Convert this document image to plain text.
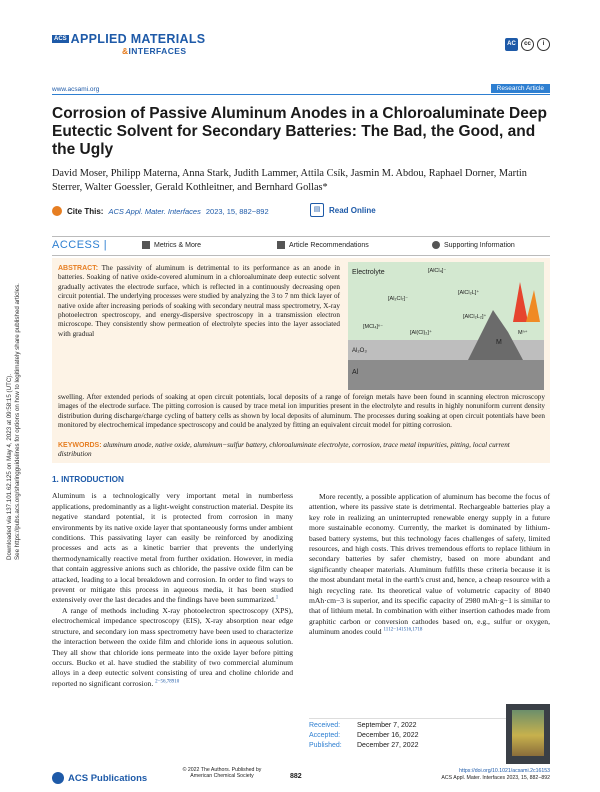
Downloaded via 137.101.62.125 on May 4, 2023 at 09:58:15 (UTC). See https://pubs.acs.org/sharingguidelines for options on how to legitimately share published articles.
ACS APPLIED MATERIALS
&INTERFACES
AC	cc	i
www.acsami.org	Research Article
Corrosion of Passive Aluminum Anodes in a Chloroaluminate Deep Eutectic Solvent for Secondary Batteries: The Bad, the Good, and the Ugly
David Moser, Philipp Materna, Anna Stark, Judith Lammer, Attila Csík, Jasmin M. Abdou, Raphael Dorner, Martin Sterrer, Walter Goessler, Gerald Kothleitner, and Bernhard Gollas*
Cite This: ACS Appl. Mater. Interfaces 2023, 15, 882−892	▤	Read Online
ACCESS |	Metrics & More	Article Recommendations	Supporting Information
ABSTRACT: The passivity of aluminum is detrimental to its performance as an anode in batteries. Soaking of native oxide-covered aluminum in a chloroaluminate deep eutectic solvent gradually activates the electrode surface, which is reflected in a continuously decreasing open circuit potential. The underlying processes were studied by analyzing the 3 to 7 nm thick layer of native oxide after increasing periods of soaking with secondary neutral mass spectrometry, X-ray photoelectron spectroscopy, and energy-dispersive spectroscopy in a transmission electron microscope. They consistently show permeation of electrolyte species into the layer associated with gradual
Electrolyte
Al₂O₃
Al
M
[AlCl₄]⁻
[Al₂Cl₇]⁻
[AlCl₂L]⁺
[AlCl₂L₂]⁺
[Al(Cl)₂]⁺
[MCl₄]ⁿ⁻
Mⁿ⁺
swelling. After extended periods of soaking at open circuit potentials, local deposits of a range of foreign metals have been found in scanning electron microscopy images of the electrode surface. The pitting corrosion is caused by trace metal ion impurities present in the electrolyte and results in highly nonuniform current density distribution during discharge/charge cycling of battery cells as shown by local deposits of aluminum. The processes during soaking at open circuit potentials have been monitored by electrochemical impedance spectroscopy and could be analyzed by fitting an equivalent circuit model for pitting corrosion.
KEYWORDS: aluminum anode, native oxide, aluminum−sulfur battery, chloroaluminate electrolyte, corrosion, trace metal impurities, pitting, local current distribution
1. INTRODUCTION

Aluminum is a technologically very important metal in numberless applications, predominantly as a light-weight construction material. Despite its negative standard potential, it is protected from corrosion in many environments by its native oxide layer that spontaneously forms under ambient conditions. This passivating layer can easily be reinforced by anodizing processes and acts as a kinetic barrier that prevents the underlying thermodynamically reactive metal from further oxidation. However, in media that contain aggressive anions such as chloride, the passive oxide film can be attacked, leading to a local breakdown and corrosion. In order to find ways to prevent or mitigate this process in aqueous media, it has been studied extensively over the last decades and the findings have been summarized.$^1$

A range of methods including X-ray photoelectron spectroscopy (XPS), electrochemical impedance spectroscopy (EIS), X-ray absorption near edge structure, and secondary ion mass spectrometry have been used to characterize the interaction between the oxide film and chloride ions in aqueous solution. They all show that chloride ions permeate into the oxide layer before pitting occurs. Bucko et al. have studied the stability of two commercial aluminum alloys in a deep eutectic solvent consisting of urea and choline chloride and reported no significant corrosion. $^{2-56,78910}$

More recently, a possible application of aluminum has become the focus of attention, where its passive state is detrimental. Rechargeable batteries play a key role in realizing an uninterrupted renewable energy supply in a future more sustainable economy. Currently, the market is dominated by lithium-based battery systems, but this technology faces challenges of safety, limited resources, and high costs. This drives tremendous efforts to replace lithium in secondary batteries by safer chemistry, based on more abundant and significantly cheaper materials. Aluminum fulfills these criteria because it is the most abundant metal in the earth's crust and, hence, a cheap resource with a high recycling rate. Its theoretical value of volumetric capacity of 8040 mAh·cm−3 is superior, and its specific capacity of 2980 mAh·g−1 is similar to that of lithium metal. In combination with either insertion cathodes made from graphitic carbon or conversion cathodes based on, e.g., sulfur or oxygen, aluminum anodes could $^{1112-141516,1718}$

Received:	September 7, 2022
Accepted:	December 16, 2022
Published:	December 27, 2022
ACS Publications
© 2022 The Authors. Published by
American Chemical Society	882
https://doi.org/10.1021/acsami.2c16153
ACS Appl. Mater. Interfaces 2023, 15, 882−892
